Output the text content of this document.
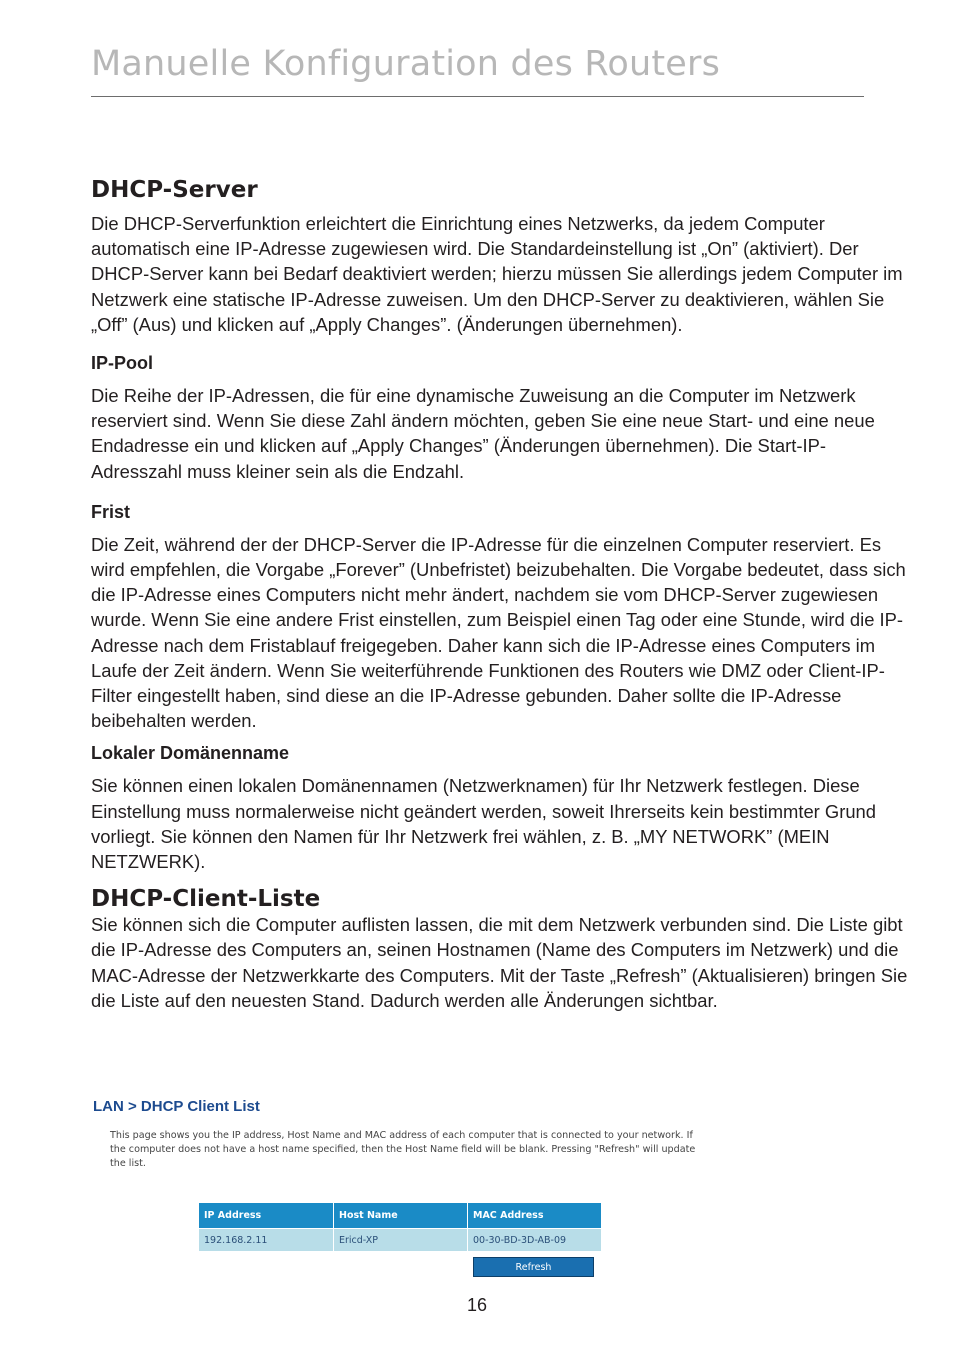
Manuelle Konfiguration des Routers
DHCP-Server

Die DHCP-Serverfunktion erleichtert die Einrichtung eines Netzwerks, da jedem Computer automatisch eine IP-Adresse zugewiesen wird. Die Standardeinstellung ist „On” (aktiviert). Der DHCP-Server kann bei Bedarf deaktiviert werden; hierzu müssen Sie allerdings jedem Computer im Netzwerk eine statische IP-Adresse zuweisen. Um den DHCP-Server zu deaktivieren, wählen Sie „Off” (Aus) und klicken auf „Apply Changes”. (Änderungen übernehmen).

IP-Pool

Die Reihe der IP-Adressen, die für eine dynamische Zuweisung an die Computer im Netzwerk reserviert sind. Wenn Sie diese Zahl ändern möchten, geben Sie eine neue Start- und eine neue Endadresse ein und klicken auf „Apply Changes” (Änderungen übernehmen). Die Start-IP-Adresszahl muss kleiner sein als die Endzahl.

Frist

Die Zeit, während der der DHCP-Server die IP-Adresse für die einzelnen Computer reserviert. Es wird empfehlen, die Vorgabe „Forever” (Unbefristet) beizubehalten. Die Vorgabe bedeutet, dass sich die IP-Adresse eines Computers nicht mehr ändert, nachdem sie vom DHCP-Server zugewiesen wurde. Wenn Sie eine andere Frist einstellen, zum Beispiel einen Tag oder eine Stunde, wird die IP-Adresse nach dem Fristablauf freigegeben. Daher kann sich die IP-Adresse eines Computers im Laufe der Zeit ändern. Wenn Sie weiterführende Funktionen des Routers wie DMZ oder Client-IP-Filter eingestellt haben, sind diese an die IP-Adresse gebunden. Daher sollte die IP-Adresse beibehalten werden.

Lokaler Domänenname

Sie können einen lokalen Domänennamen (Netzwerknamen) für Ihr Netzwerk festlegen. Diese Einstellung muss normalerweise nicht geändert werden, soweit Ihrerseits kein bestimmter Grund vorliegt. Sie können den Namen für Ihr Netzwerk frei wählen, z. B. „MY NETWORK” (MEIN NETZWERK).

DHCP-Client-Liste

Sie können sich die Computer auflisten lassen, die mit dem Netzwerk verbunden sind. Die Liste gibt die IP-Adresse des Computers an, seinen Hostnamen (Name des Computers im Netzwerk) und die MAC-Adresse der Netzwerkkarte des Computers. Mit der Taste „Refresh” (Aktualisieren) bringen Sie die Liste auf den neuesten Stand. Dadurch werden alle Änderungen sichtbar.

LAN > DHCP Client List
This page shows you the IP address, Host Name and MAC address of each computer that is connected to your network. If the computer does not have a host name specified, then the Host Name field will be blank. Pressing "Refresh" will update the list.
IP Address	Host Name	MAC Address
192.168.2.11	Ericd-XP	00-30-BD-3D-AB-09
Refresh
16
